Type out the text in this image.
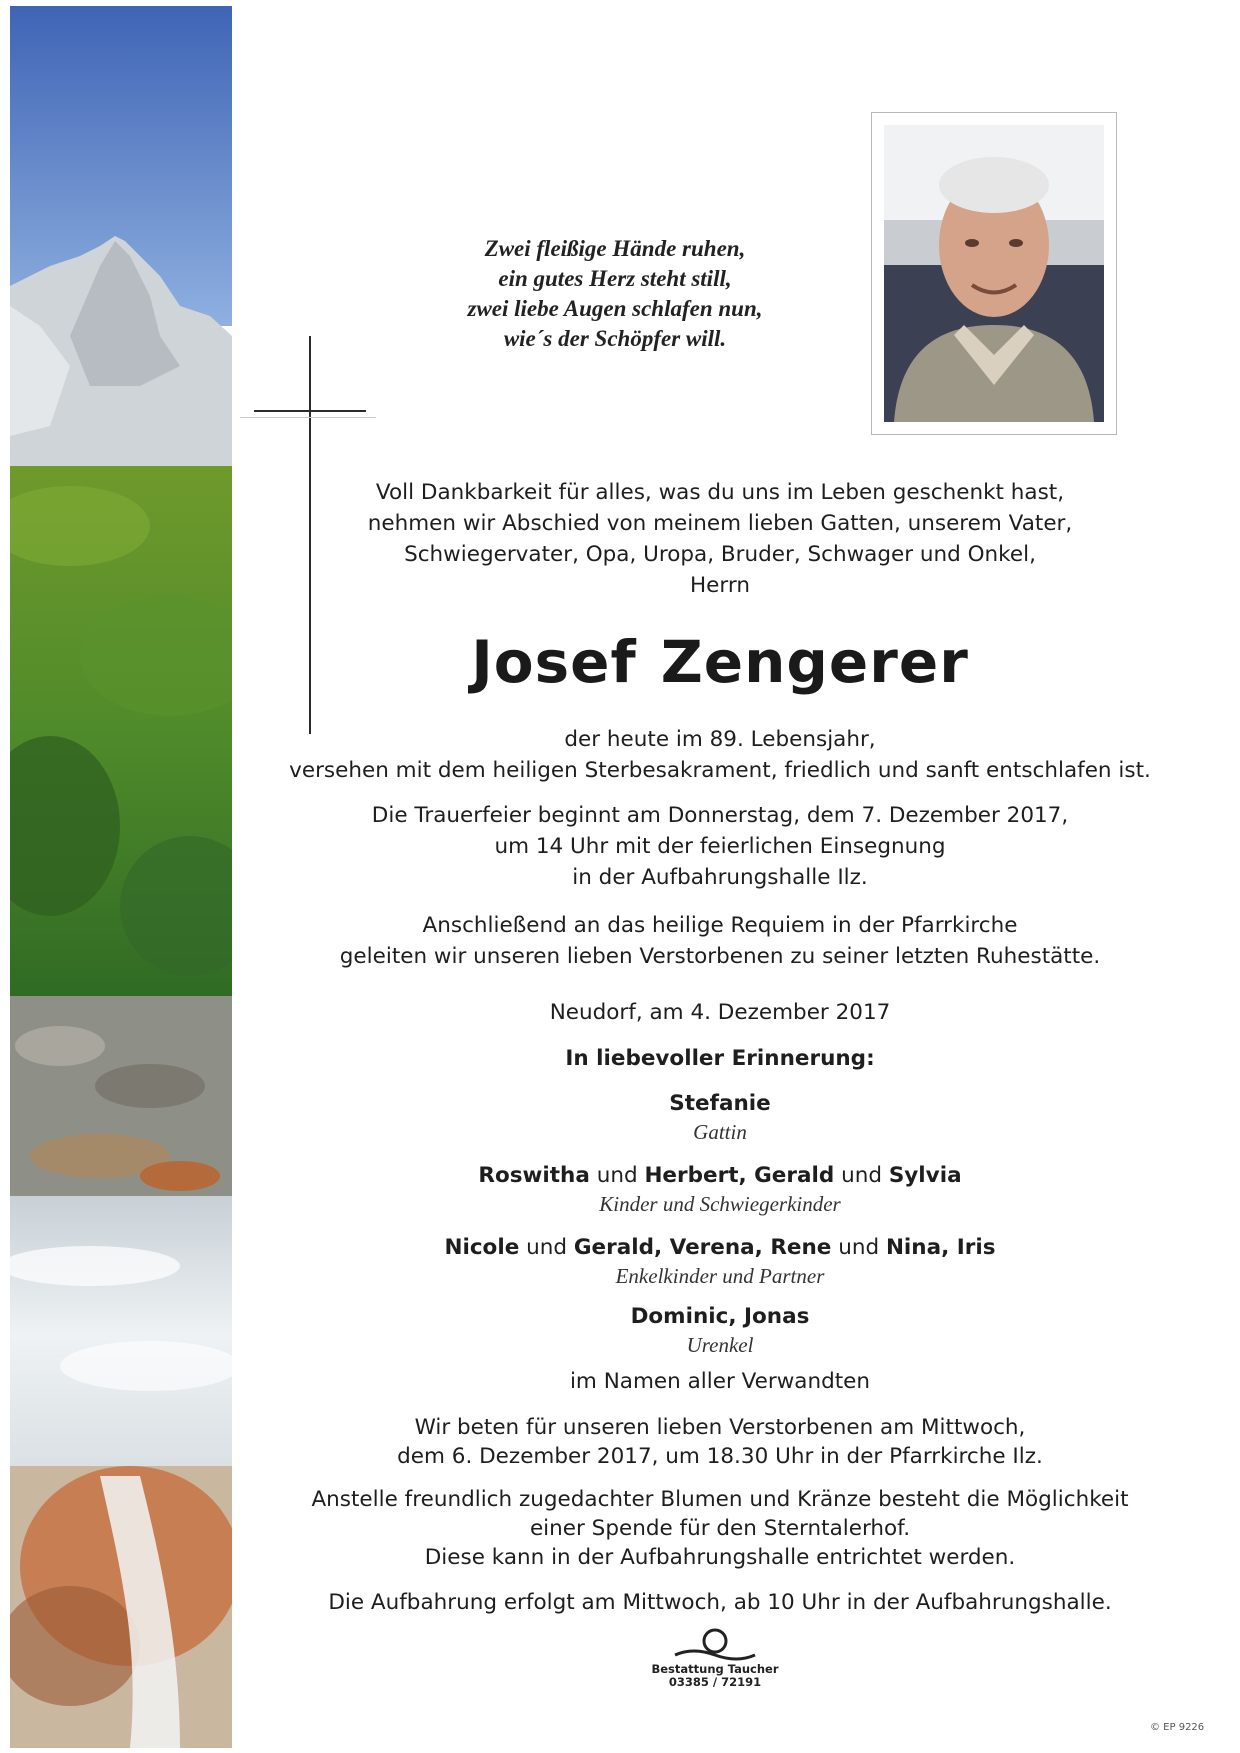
Zwei fleißige Hände ruhen,
ein gutes Herz steht still,
zwei liebe Augen schlafen nun,
wie´s der Schöpfer will.
Voll Dankbarkeit für alles, was du uns im Leben geschenkt hast,
nehmen wir Abschied von meinem lieben Gatten, unserem Vater,
Schwiegervater, Opa, Uropa, Bruder, Schwager und Onkel,
Herrn
Josef Zengerer
der heute im 89. Lebensjahr,
versehen mit dem heiligen Sterbesakrament, friedlich und sanft entschlafen ist.
Die Trauerfeier beginnt am Donnerstag, dem 7. Dezember 2017,
um 14 Uhr mit der feierlichen Einsegnung
in der Aufbahrungshalle Ilz.
Anschließend an das heilige Requiem in der Pfarrkirche
geleiten wir unseren lieben Verstorbenen zu seiner letzten Ruhestätte.
Neudorf, am 4. Dezember 2017
In liebevoller Erinnerung:
Stefanie
Gattin
Roswitha und Herbert, Gerald und Sylvia
Kinder und Schwiegerkinder
Nicole und Gerald, Verena, Rene und Nina, Iris
Enkelkinder und Partner
Dominic, Jonas
Urenkel
im Namen aller Verwandten
Wir beten für unseren lieben Verstorbenen am Mittwoch,
dem 6. Dezember 2017, um 18.30 Uhr in der Pfarrkirche Ilz.
Anstelle freundlich zugedachter Blumen und Kränze besteht die Möglichkeit
einer Spende für den Sterntalerhof.
Diese kann in der Aufbahrungshalle entrichtet werden.
Die Aufbahrung erfolgt am Mittwoch, ab 10 Uhr in der Aufbahrungshalle.
Bestattung Taucher
03385 / 72191
© EP 9226
